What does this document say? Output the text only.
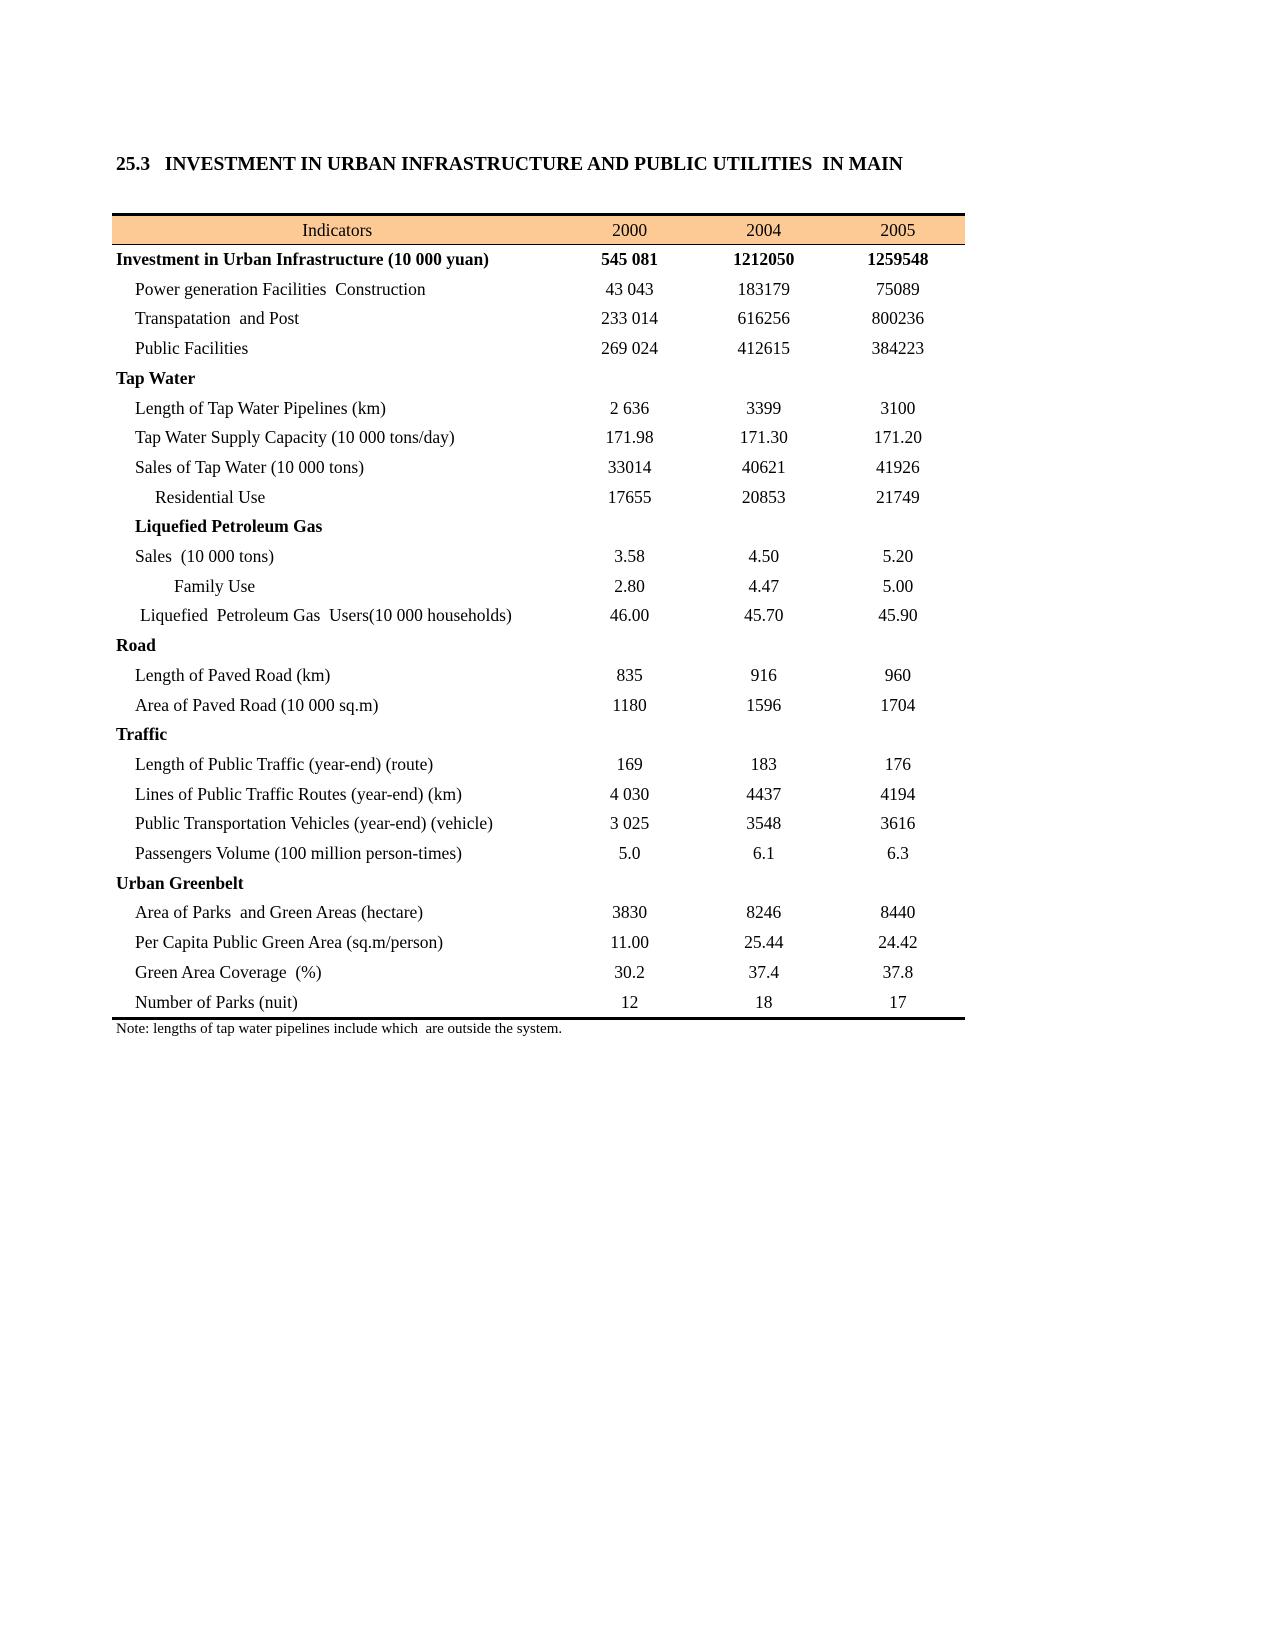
25.3   INVESTMENT IN URBAN INFRASTRUCTURE AND PUBLIC UTILITIES  IN MAIN
Indicators	2000	2004	2005
Investment in Urban Infrastructure (10 000 yuan)	545 081	1212050	1259548
Power generation Facilities  Construction	43 043	183179	75089
Transpatation  and Post	233 014	616256	800236
Public Facilities	269 024	412615	384223
Tap Water			
Length of Tap Water Pipelines (km)	2 636	3399	3100
Tap Water Supply Capacity (10 000 tons/day)	171.98	171.30	171.20
Sales of Tap Water (10 000 tons)	33014	40621	41926
Residential Use	17655	20853	21749
Liquefied Petroleum Gas			
Sales  (10 000 tons)	3.58	4.50	5.20
Family Use	2.80	4.47	5.00
Liquefied  Petroleum Gas  Users(10 000 households)	46.00	45.70	45.90
Road			
Length of Paved Road (km)	835	916	960
Area of Paved Road (10 000 sq.m)	1180	1596	1704
Traffic			
Length of Public Traffic (year-end) (route)	169	183	176
Lines of Public Traffic Routes (year-end) (km)	4 030	4437	4194
Public Transportation Vehicles (year-end) (vehicle)	3 025	3548	3616
Passengers Volume (100 million person-times)	5.0	6.1	6.3
Urban Greenbelt			
Area of Parks  and Green Areas (hectare)	3830	8246	8440
Per Capita Public Green Area (sq.m/person)	11.00	25.44	24.42
Green Area Coverage  (%)	30.2	37.4	37.8
Number of Parks (nuit)	12	18	17
Note: lengths of tap water pipelines include which  are outside the system.
